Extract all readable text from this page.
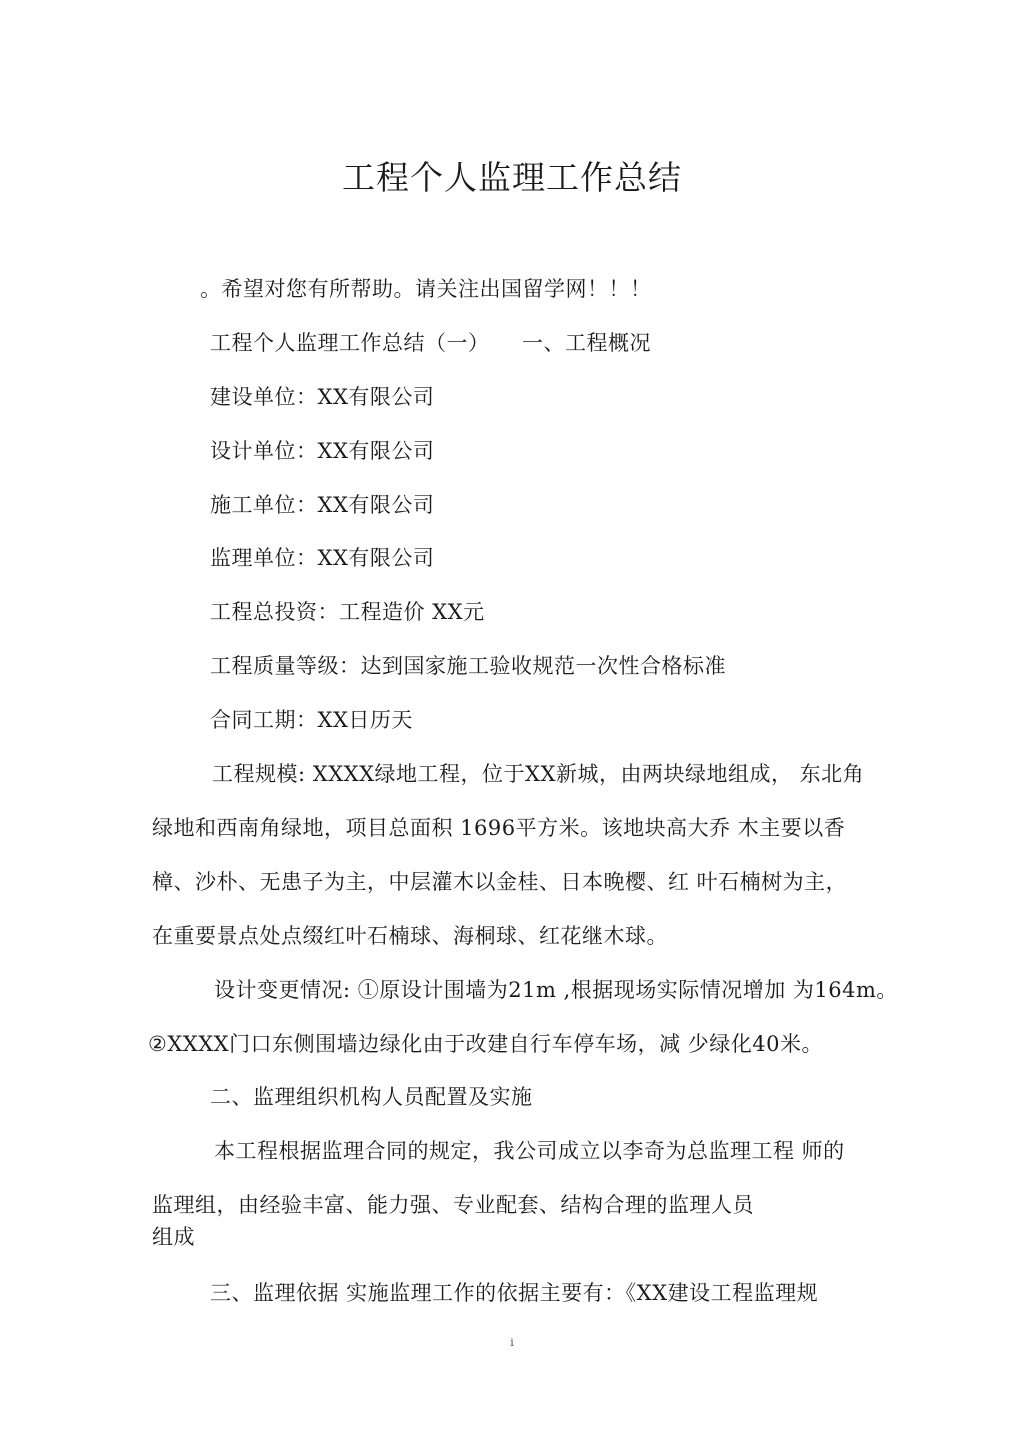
工程个人监理工作总结
。希望对您有所帮助。请关注出国留学网！！！
工程个人监理工作总结（一）　　一、工程概况
建设单位：XX有限公司
设计单位：XX有限公司
施工单位：XX有限公司
监理单位：XX有限公司
工程总投资：工程造价 XX元
工程质量等级：达到国家施工验收规范一次性合格标准
合同工期：XX日历天
工程规模: XXXX绿地工程，位于XX新城，由两块绿地组成， 东北角
绿地和西南角绿地，项目总面积 1696平方米。该地块高大乔 木主要以香
樟、沙朴、无患子为主，中层灌木以金桂、日本晚樱、红 叶石楠树为主，
在重要景点处点缀红叶石楠球、海桐球、红花继木球。
设计变更情况: ①原设计围墙为21m ,根据现场实际情况增加 为164m。
②XXXX门口东侧围墙边绿化由于改建自行车停车场，减 少绿化40米。
二、监理组织机构人员配置及实施
本工程根据监理合同的规定，我公司成立以李奇为总监理工程 师的
监理组，由经验丰富、能力强、专业配套、结构合理的监理人员
组成
三、监理依据 实施监理工作的依据主要有：《XX建设工程监理规
i
